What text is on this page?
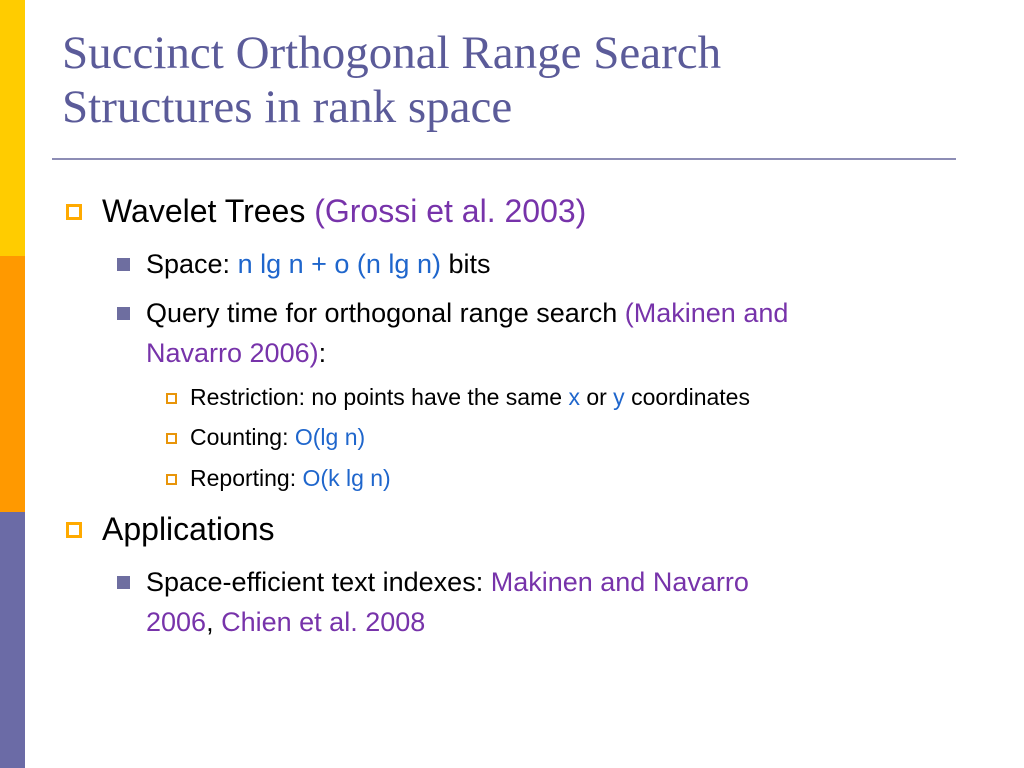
Succinct Orthogonal Range Search
Structures in rank space

Wavelet Trees (Grossi et al. 2003)

Space: n lg n + o (n lg n) bits

Query time for orthogonal range search (Makinen and
Navarro 2006):

Restriction: no points have the same x or y coordinates

Counting: O(lg n)

Reporting: O(k lg n)

Applications

Space-efficient text indexes: Makinen and Navarro
2006, Chien et al. 2008
